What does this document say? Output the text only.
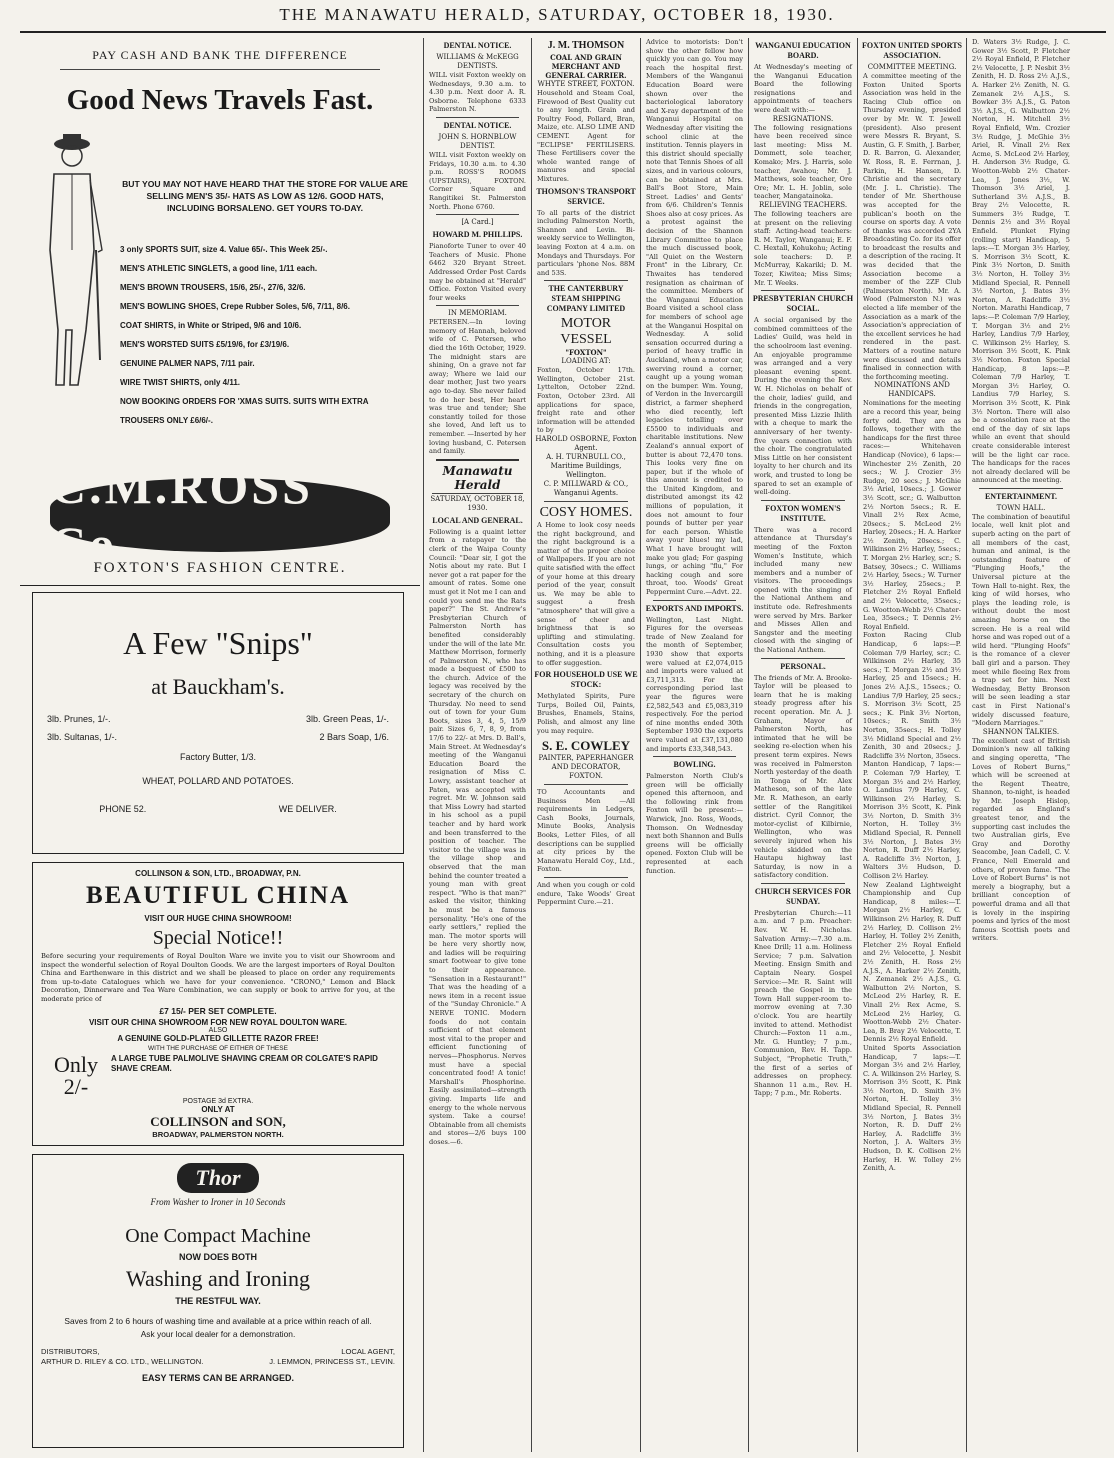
THE MANAWATU HERALD, SATURDAY, OCTOBER 18, 1930.
PAY CASH AND BANK THE DIFFERENCE
Good News Travels Fast.
BUT YOU MAY NOT HAVE HEARD THAT THE STORE FOR VALUE ARE SELLING MEN'S 35/- HATS AS LOW AS 12/6. GOOD HATS, INCLUDING BORSALENO. GET YOURS TO-DAY.
3 only SPORTS SUIT, size 4. Value 65/-. This Week 25/-.
MEN'S ATHLETIC SINGLETS, a good line, 1/11 each.
MEN'S BROWN TROUSERS, 15/6, 25/-, 27/6, 32/6.
MEN'S BOWLING SHOES, Crepe Rubber Soles, 5/6, 7/11, 8/6.
COAT SHIRTS, in White or Striped, 9/6 and 10/6.
MEN'S WORSTED SUITS £5/19/6, for £3/19/6.
GENUINE PALMER NAPS, 7/11 pair.
WIRE TWIST SHIRTS, only 4/11.
NOW BOOKING ORDERS FOR 'XMAS SUITS. SUITS WITH EXTRA TROUSERS ONLY £6/6/-.
C.M.ROSS Co
FOXTON'S FASHION CENTRE.
A Few "Snips"
at Bauckham's.
3lb. Prunes, 1/-.	3lb. Green Peas, 1/-.
3lb. Sultanas, 1/-.	2 Bars Soap, 1/6.
Factory Butter, 1/3.
WHEAT, POLLARD AND POTATOES.
PHONE 52.	WE DELIVER.
COLLINSON & SON, LTD., BROADWAY, P.N.
BEAUTIFUL CHINA
VISIT OUR HUGE CHINA SHOWROOM!
Special Notice!!
Before securing your requirements of Royal Doulton Ware we invite you to visit our Showroom and inspect the wonderful selection of Royal Doulton Goods. We are the largest importers of Royal Doulton China and Earthenware in this district and we shall be pleased to place on order any requirements from up-to-date Catalogues which we have for your convenience. "CRONO," Lemon and Black Decoration, Dinnerware and Tea Ware Combination, we can supply or book to arrive for you, at the moderate price of
£7 15/- PER SET COMPLETE.
VISIT OUR CHINA SHOWROOM FOR NEW ROYAL DOULTON WARE.
ALSO
A GENUINE GOLD-PLATED GILLETTE RAZOR FREE!
WITH THE PURCHASE OF EITHER OF THESE
Only
2/-
A LARGE TUBE PALMOLIVE SHAVING CREAM OR COLGATE'S RAPID SHAVE CREAM.
POSTAGE 3d EXTRA.
ONLY AT
COLLINSON and SON,
BROADWAY, PALMERSTON NORTH.
Thor
From Washer to Ironer in 10 Seconds
One Compact Machine
NOW DOES BOTH
Washing and Ironing
THE RESTFUL WAY.
Saves from 2 to 6 hours of washing time and available at a price within reach of all.
Ask your local dealer for a demonstration.
DISTRIBUTORS,
ARTHUR D. RILEY & CO. LTD., WELLINGTON.
LOCAL AGENT,
J. LEMMON, PRINCESS ST., LEVIN.
EASY TERMS CAN BE ARRANGED.
DENTAL NOTICE.
WILLIAMS & McKEGG DENTISTS.
WILL visit Foxton weekly on Wednesdays, 9.30 a.m. to 4.30 p.m. Next door A. R. Osborne. Telephone 6333 Palmerston N.
DENTAL NOTICE.
JOHN S. HORNBLOW DENTIST.
WILL visit Foxton weekly on Fridays, 10.30 a.m. to 4.30 p.m. ROSS'S ROOMS (UPSTAIRS), FOXTON. Corner Square and Rangitikei St. Palmerston North. Phone 6760.
[A Card.]
HOWARD M. PHILLIPS.
Pianoforte Tuner to over 40 Teachers of Music. Phone 6462 320 Bryant Street. Addressed Order Post Cards may be obtained at "Herald" Office. Foxton Visited every four weeks
IN MEMORIAM.
PETERSEN.—In loving memory of Hannah, beloved wife of C. Petersen, who died the 16th October, 1929. The midnight stars are shining, On a grave not far away; Where we laid our dear mother, Just two years ago to-day. She never failed to do her best, Her heart was true and tender; She constantly toiled for those she loved, And left us to remember. —Inserted by her loving husband, C. Petersen and family.
Manawatu Herald
SATURDAY, OCTOBER 18, 1930.
LOCAL AND GENERAL.
Following is a quaint letter from a ratepayer to the clerk of the Waipa County Council: "Dear sir, I got the Notis about my rate. But I never got a rat paper for the amount of rates. Some one must get it Not me I can and could you send me the Rats paper?" The St. Andrew's Presbyterian Church of Palmerston North has benefited considerably under the will of the late Mr. Matthew Morrison, formerly of Palmerston N., who has made a bequest of £500 to the church. Advice of the legacy was received by the secretary of the church on Thursday. No need to send out of town for your Gum Boots, sizes 3, 4, 5, 15/9 pair. Sizes 6, 7, 8, 9, from 17/6 to 22/- at Mrs. D. Ball's, Main Street. At Wednesday's meeting of the Wanganui Education Board the resignation of Miss C. Lowry, assistant teacher at Paten, was accepted with regret. Mr. W. Johnson said that Miss Lowry had started in his school as a pupil teacher and by hard work and been transferred to the position of teacher. The visitor to the village was in the village shop and observed that the man behind the counter treated a young man with great respect. "Who is that man?" asked the visitor, thinking he must be a famous personality. "He's one of the early settlers," replied the man. The motor sports will be here very shortly now, and ladies will be requiring smart footwear to give tone to their appearance. "Sensation in a Restaurant!" That was the heading of a news item in a recent issue of the "Sunday Chronicle." A NERVE TONIC. Modern foods do not contain sufficient of that element most vital to the proper and efficient functioning of nerves—Phosphorus. Nerves must have a special concentrated food! A tonic! Marshall's Phosphorine. Easily assimilated—strength giving. Imparts life and energy to the whole nervous system. Take a course! Obtainable from all chemists and stores—2/6 buys 100 doses.—6.
J. M. THOMSON
COAL AND GRAIN MERCHANT AND GENERAL CARRIER.
WHYTE STREET, FOXTON.
Household and Steam Coal, Firewood of Best Quality cut to any length. Grain and Poultry Food, Pollard, Bran, Maize, etc. ALSO LIME AND CEMENT. Agent for "ECLIPSE" FERTILISERS. These Fertilisers cover the whole wanted range of manures and special Mixtures.
THOMSON'S TRANSPORT SERVICE.
To all parts of the district including Palmerston North, Shannon and Levin. Bi-weekly service to Wellington, leaving Foxton at 4 a.m. on Mondays and Thursdays. For particulars 'phone Nos. 88M and 53S.
THE CANTERBURY STEAM SHIPPING COMPANY LIMITED
MOTOR VESSEL
"FOXTON"
LOADING AT:
Foxton, October 17th. Wellington, October 21st. Lyttelton, October 22nd. Foxton, October 23rd. All applications for space, freight rate and other information will be attended to by
HAROLD OSBORNE, Foxton Agent.
A. H. TURNBULL CO., Maritime Buildings, Wellington.
C. P. MILLWARD & CO., Wanganui Agents.
COSY HOMES.
A Home to look cosy needs the right background, and the right background is a matter of the proper choice of Wallpapers. If you are not quite satisfied with the effect of your home at this dreary period of the year, consult us. We may be able to suggest a fresh "atmosphere" that will give a sense of cheer and brightness that is so uplifting and stimulating. Consultation costs you nothing, and it is a pleasure to offer suggestion.
FOR HOUSEHOLD USE WE STOCK:
Methylated Spirits, Pure Turps, Boiled Oil, Paints, Brushes, Enamels, Stains, Polish, and almost any line you may require.
S. E. COWLEY
PAINTER, PAPERHANGER AND DECORATOR, FOXTON.
TO Accountants and Business Men —All requirements in Ledgers, Cash Books, Journals, Minute Books, Analysis Books, Letter Files, of all descriptions can be supplied at city prices by the Manawatu Herald Coy., Ltd., Foxton.
And when you cough or cold endure, Take Woods' Great Peppermint Cure.—21.
Advice to motorists: Don't show the other fellow how quickly you can go. You may reach the hospital first. Members of the Wanganui Education Board were shown over the bacteriological laboratory and X-ray department of the Wanganui Hospital on Wednesday after visiting the school clinic at the institution. Tennis players in this district should specially note that Tennis Shoes of all sizes, and in various colours, can be obtained at Mrs. Ball's Boot Store, Main Street. Ladies' and Gents' from 6/6. Children's Tennis Shoes also at cosy prices. As a protest against the decision of the Shannon Library Committee to place the much discussed book, "All Quiet on the Western Front" in the Library, Cr. Thwaites has tendered resignation as chairman of the committee. Members of the Wanganui Education Board visited a school class for members of school age at the Wanganui Hospital on Wednesday. A solid sensation occurred during a period of heavy traffic in Auckland, when a motor car, swerving round a corner, caught up a young woman on the bumper. Wm. Young, of Verdon in the Invercargill district, a farmer shepherd who died recently, left legacies totalling over £5500 to individuals and charitable institutions. New Zealand's annual export of butter is about 72,470 tons. This looks very fine on paper, but if the whole of this amount is credited to the United Kingdom, and distributed amongst its 42 millions of population, it does not amount to four pounds of butter per year for each person. Whistle away your blues! my lad, What I have brought will make you glad; For gasping lungs, or aching "flu," For hacking cough and sore throat, too. Woods' Great Peppermint Cure.—Advt. 22.
EXPORTS AND IMPORTS.
Wellington, Last Night. Figures for the overseas trade of New Zealand for the month of September, 1930 show that exports were valued at £2,074,015 and imports were valued at £3,711,313. For the corresponding period last year the figures were £2,582,543 and £5,083,319 respectively. For the period of nine months ended 30th September 1930 the exports were valued at £37,131,080 and imports £33,348,543.
BOWLING.
Palmerston North Club's green will be officially opened this afternoon, and the following rink from Foxton will be present:—Warwick, Jno. Ross, Woods, Thomson. On Wednesday next both Shannon and Bulls greens will be officially opened. Foxton Club will be represented at each function.
WANGANUI EDUCATION BOARD.
At Wednesday's meeting of the Wanganui Education Board the following resignations and appointments of teachers were dealt with:—
RESIGNATIONS.
The following resignations have been received since last meeting: Miss M. Dommett, sole teacher, Komako; Mrs. J. Harris, sole teacher, Awahou; Mr. J. Matthews, sole teacher, Ore Ore; Mr. L. H. Joblin, sole teacher, Mangatainoka.
RELIEVING TEACHERS.
The following teachers are at present on the relieving staff: Acting-head teachers: R. M. Taylor, Wanganui; E. F. C. Hextall, Kohukohu; Acting sole teachers: D. P. McMurray, Kakariki; D. M. Tozer, Kiwitea; Miss Sims; Mr. T. Weeks.
PRESBYTERIAN CHURCH SOCIAL.
A social organised by the combined committees of the Ladies' Guild, was held in the schoolroom last evening. An enjoyable programme was arranged and a very pleasant evening spent. During the evening the Rev. W. H. Nicholas on behalf of the choir, ladies' guild, and friends in the congregation, presented Miss Lizzie Ihlith with a cheque to mark the anniversary of her twenty-five years connection with the choir. The congratulated Miss Little on her consistent loyalty to her church and its work, and trusted to long be spared to set an example of well-doing.
FOXTON WOMEN'S INSTITUTE.
There was a record attendance at Thursday's meeting of the Foxton Women's Institute, which included many new members and a number of visitors. The proceedings opened with the singing of the National Anthem and institute ode. Refreshments were served by Mrs. Barker and Misses Allen and Sangster and the meeting closed with the singing of the National Anthem.
PERSONAL.
The friends of Mr. A. Brooke-Taylor will be pleased to learn that he is making steady progress after his recent operation. Mr. A. J. Graham, Mayor of Palmerston North, has intimated that he will be seeking re-election when his present term expires. News was received in Palmerston North yesterday of the death in Tonga of Mr. Alex Matheson, son of the late Mr. R. Matheson, an early settler of the Rangitikei district. Cyril Connor, the motor-cyclist of Kilbirnie, Wellington, who was severely injured when his vehicle skidded on the Hautapu highway last Saturday, is now in a satisfactory condition.
CHURCH SERVICES FOR SUNDAY.
Presbyterian Church:—11 a.m. and 7 p.m. Preacher: Rev. W. H. Nicholas. Salvation Army:—7.30 a.m. Knee Drill; 11 a.m. Holiness Service; 7 p.m. Salvation Meeting. Ensign Smith and Captain Neary. Gospel Service:—Mr. R. Saint will preach the Gospel in the Town Hall supper-room to-morrow evening at 7.30 o'clock. You are heartily invited to attend. Methodist Church:—Foxton 11 a.m., Mr. G. Huntley; 7 p.m., Communion, Rev. H. Tapp. Subject, "Prophetic Truth," the first of a series of addresses on prophecy. Shannon 11 a.m., Rev. H. Tapp; 7 p.m., Mr. Roberts.
FOXTON UNITED SPORTS ASSOCIATION.
COMMITTEE MEETING.
A committee meeting of the Foxton United Sports Association was held in the Racing Club office on Thursday evening, presided over by Mr. W. T. Jewell (president). Also present were Messrs R. Bryant, S. Austin, G. F. Smith, J. Barber, D. R. Barron, G. Alexander, W. Ross, R. E. Ferrnan, J. Parkin, H. Hansen, D. Christie and the secretary (Mr. J. L. Christie). The tender of Mr. Sherthouse was accepted for the publican's booth on the course on sports day. A vote of thanks was accorded 2YA Broadcasting Co. for its offer to broadcast the results and a description of the racing. It was decided that the Association become a member of the 2ZF Club (Palmerston North). Mr. A. Wood (Palmerston N.) was elected a life member of the Association as a mark of the Association's appreciation of the excellent services he had rendered in the past. Matters of a routine nature were discussed and details finalised in connection with the forthcoming meeting.
NOMINATIONS AND HANDICAPS.
Nominations for the meeting are a record this year, being forty odd. They are as follows, together with the handicaps for the first three races:— Whitehaven Handicap (Novice), 6 laps:—Winchester 2½ Zenith, 20 secs.; W. J. Crozier 3½ Rudge, 20 secs.; J. McGhie 3½ Ariel, 10secs.; J. Gower 3½ Scott, scr.; G. Walbutton 2½ Norton 5secs.; R. E. Vinall 2½ Rex Acme, 20secs.; S. McLeod 2½ Harley, 20secs.; H. A. Harker 2½ Zenith, 20secs.; C. Wilkinson 2½ Harley, 5secs.; T. Morgan 2½ Harley, scr.; S. Batsey, 30secs.; C. Williams 2½ Harley, 5secs.; W. Turner 3½ Harley, 25secs.; P. Fletcher 2½ Royal Enfield and 2½ Velocette, 35secs.; G. Wootton-Webb 2½ Chater-Lea, 35secs.; T. Dennis 2½ Royal Enfield.
Foxton Racing Club Handicap, 6 laps:—P. Coleman 7/9 Harley, scr.; C. Wilkinson 2½ Harley, 35 secs.; T. Morgan 2½ and 3½ Harley, 25 and 15secs.; H. Jones 2½ A.J.S., 15secs.; O. Landius 7/9 Harley, 25 secs.; S. Morrison 3½ Scott, 25 secs.; K. Pink 3½ Norton, 10secs.; R. Smith 3½ Norton, 35secs.; H. Tolley 3½ Midland Special and 2½ Zenith, 30 and 20secs.; J. Radcliffe 3½ Norton, 35secs.
Manton Handicap, 7 laps:—P. Coleman 7/9 Harley, T. Morgan 3½ and 2½ Harley, O. Landius 7/9 Harley, C. Wilkinson 2½ Harley, S. Morrison 3½ Scott, K. Pink 3½ Norton, D. Smith 3½ Norton, H. Tolley 3½ Midland Special, R. Pennell 3½ Norton, J. Bates 3½ Norton, R. Duff 2½ Harley, A. Radcliffe 3½ Norton, J. Walters 3½ Hudson, D. Collison 2½ Harley.
New Zealand Lightweight Championship and Cup Handicap, 8 miles:—T. Morgan 2½ Harley, C. Wilkinson 2½ Harley, R. Duff 2½ Harley, D. Collison 2½ Harley, H. Tolley 2½ Zenith, Fletcher 2½ Royal Enfield and 2½ Velocette, J. Nesbit 2½ Zenith, H. Ross 2½ A.J.S., A. Harker 2½ Zenith, N. Zemanek 2½ A.J.S., G. Walbutton 2½ Norton, S. McLeod 2½ Harley, R. E. Vinall 2½ Rex Acme, S. McLeod 2½ Harley, G. Wootton-Webb 2½ Chater-Lea, B. Bray 2½ Velocette, T. Dennis 2½ Royal Enfield.
United Sports Association Handicap, 7 laps:—T. Morgan 3½ and 2½ Harley, C. A. Wilkinson 2½ Harley, S. Morrison 3½ Scott, K. Pink 3½ Norton, D. Smith 3½ Norton, H. Tolley 3½ Midland Special, R. Pennell 3½ Norton, J. Bates 3½ Norton, R. D. Duff 2½ Harley, A. Radcliffe 3½ Norton, J. A. Walters 3½ Hudson, D. K. Collison 2½ Harley, H. W. Tolley 2½ Zenith, A.
D. Waters 3½ Rudge, J. C. Gower 3½ Scott, P. Fletcher 2½ Royal Enfield, P. Fletcher 2½ Velocette, J. P. Nesbit 3½ Zenith, H. D. Ross 2½ A.J.S., A. Harker 2½ Zenith, N. G. Zemanek 2½ A.J.S., S. Bowker 3½ A.J.S., G. Paton 3½ A.J.S., G. Walbutton 2½ Norton, H. Mitchell 3½ Royal Enfield, Wm. Crozier 3½ Rudge, J. McGhie 3½ Ariel, R. Vinall 2½ Rex Acme, S. McLeod 2½ Harley, H. Anderson 3½ Rudge, G. Wootton-Webb 2½ Chater-Lea, J. Jones 3½, W. Thomson 3½ Ariel, J. Sutherland 3½ A.J.S., B. Bray 2½ Velocette, R. Summers 3½ Rudge, T. Dennis 2½ and 3½ Royal Enfield. Plunket Flying (rolling start) Handicap, 5 laps:—T. Morgan 3½ Harley, S. Morrison 3½ Scott, K. Pink 3½ Norton, D. Smith 3½ Norton, H. Tolley 3½ Midland Special, R. Pennell 3½ Norton, J. Bates 3½ Norton, A. Radcliffe 3½ Norton. Marathi Handicap, 7 laps:—P. Coleman 7/9 Harley, T. Morgan 3½ and 2½ Harley, Landius 7/9 Harley, C. Wilkinson 2½ Harley, S. Morrison 3½ Scott, K. Pink 3½ Norton. Foxton Special Handicap, 8 laps:—P. Coleman 7/9 Harley, T. Morgan 3½ Harley, O. Landius 7/9 Harley, S. Morrison 3½ Scott, K. Pink 3½ Norton. There will also be a consolation race at the end of the day of six laps while an event that should create considerable interest will be the light car race. The handicaps for the races not already declared will be announced at the meeting.
ENTERTAINMENT.
TOWN HALL.
The combination of beautiful locale, well knit plot and superb acting on the part of all members of the cast, human and animal, is the outstanding feature of "Plunging Hoofs," the Universal picture at the Town Hall to-night. Rex, the king of wild horses, who plays the leading role, is without doubt the most amazing horse on the screen. He is a real wild horse and was roped out of a wild herd. "Plunging Hoofs" is the romance of a clever ball girl and a parson. They meet while fleeing Rex from a trap set for him. Next Wednesday, Betty Bronson will be seen leading a star cast in First National's widely discussed feature, "Modern Marriages."
SHANNON TALKIES.
The excellent cast of British Dominion's new all talking and singing operetta, "The Loves of Robert Burns," which will be screened at the Regent Theatre, Shannon, to-night, is headed by Mr. Joseph Hislop, regarded as England's greatest tenor, and the supporting cast includes the two Australian girls, Eve Gray and Dorothy Seacombe, Jean Cadell, C. V. France, Nell Emerald and others, of proven fame. "The Love of Robert Burns" is not merely a biography, but a brilliant conception of powerful drama and all that is lovely in the inspiring poems and lyrics of the most famous Scottish poets and writers.
